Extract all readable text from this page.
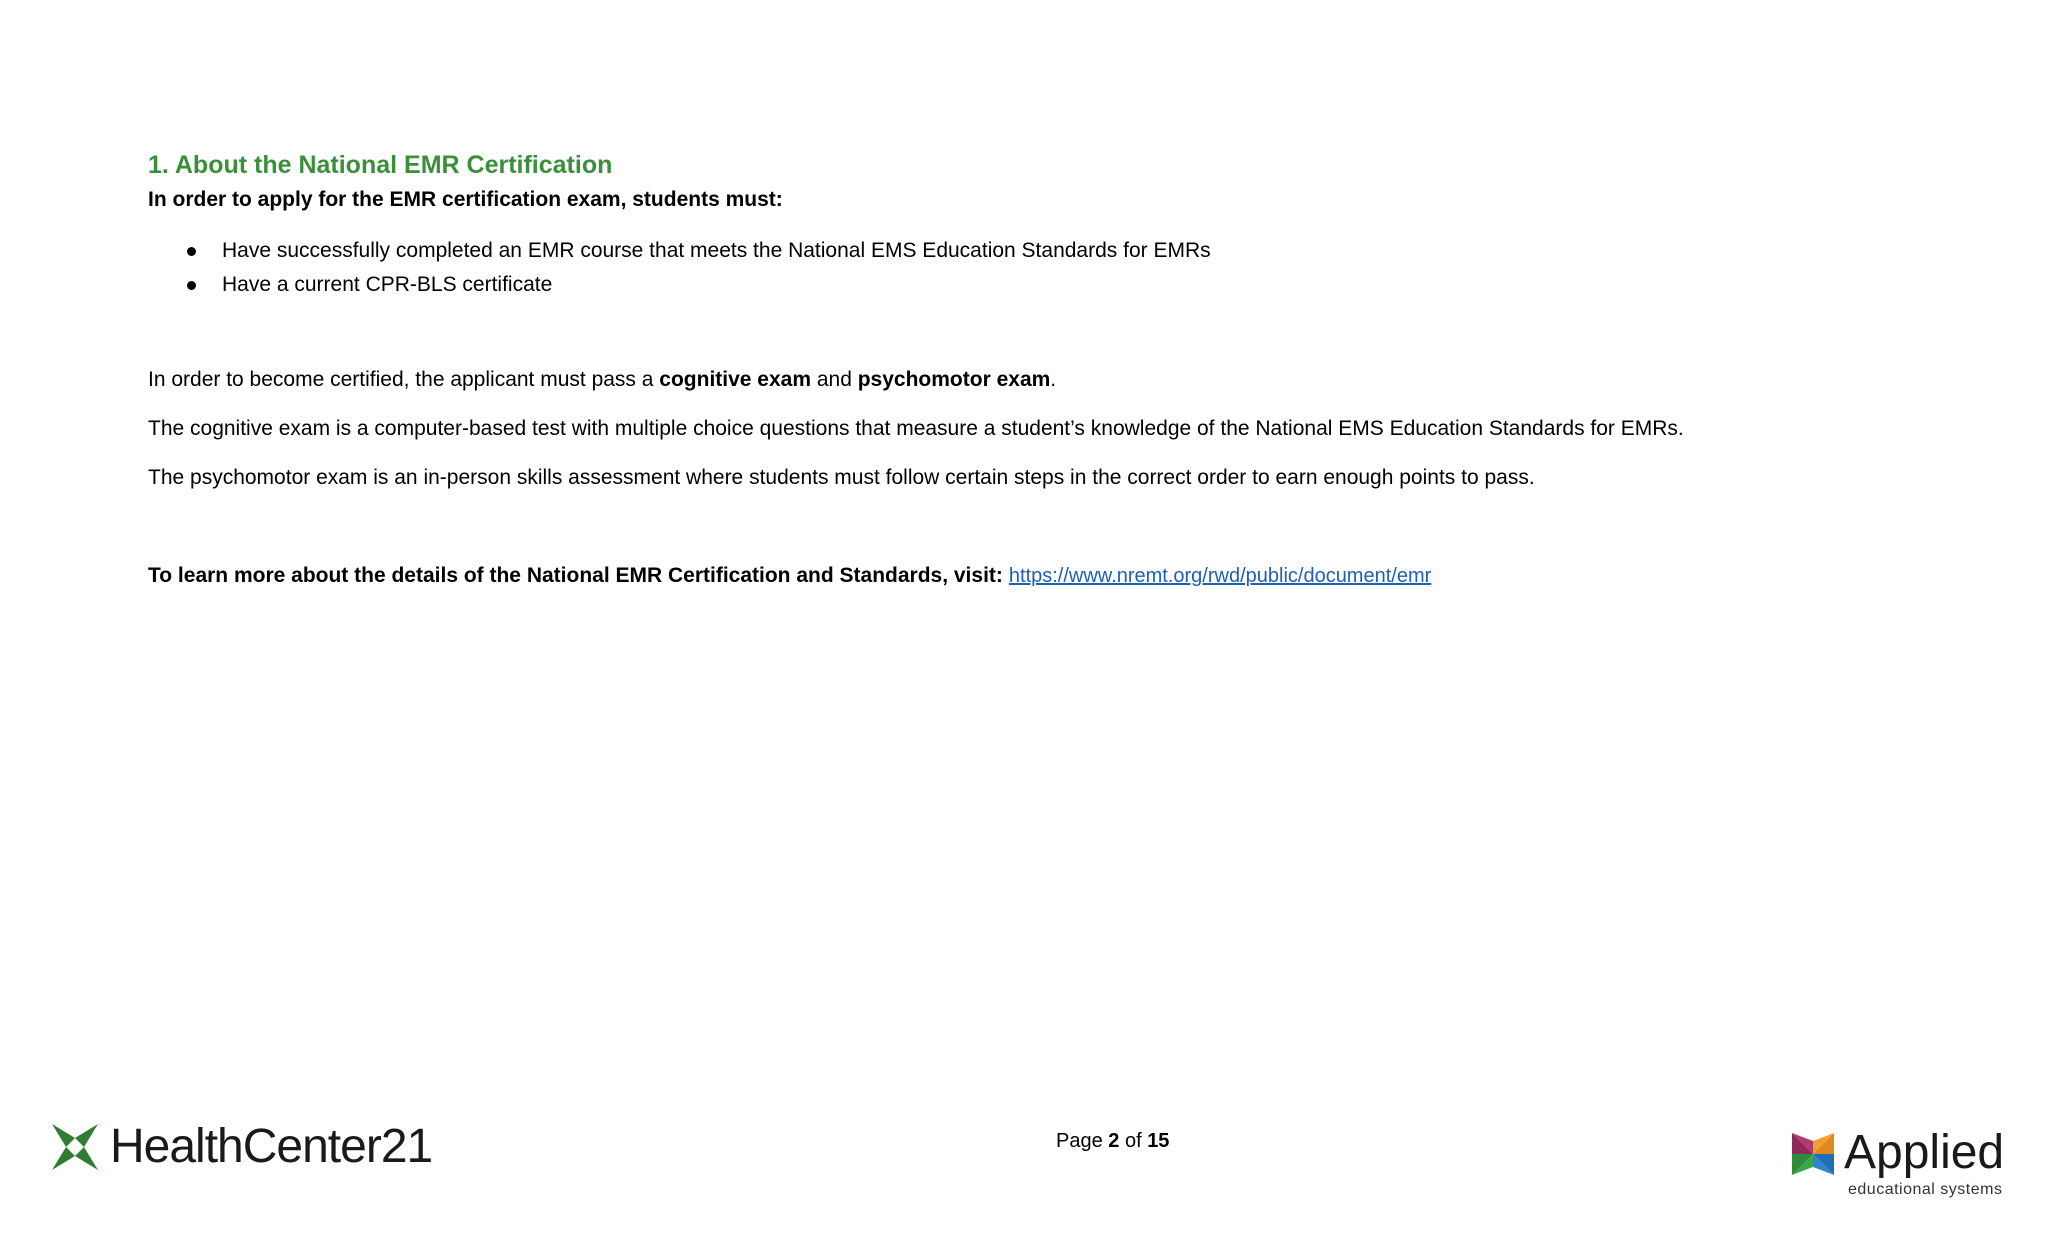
1. About the National EMR Certification

In order to apply for the EMR certification exam, students must:

Have successfully completed an EMR course that meets the National EMS Education Standards for EMRs
Have a current CPR-BLS certificate

In order to become certified, the applicant must pass a cognitive exam and psychomotor exam.

The cognitive exam is a computer-based test with multiple choice questions that measure a student’s knowledge of the National EMS Education Standards for EMRs.

The psychomotor exam is an in-person skills assessment where students must follow certain steps in the correct order to earn enough points to pass.

To learn more about the details of the National EMR Certification and Standards, visit: https://www.nremt.org/rwd/public/document/emr
HealthCenter21	Page 2 of 15	Applied
educational systems
